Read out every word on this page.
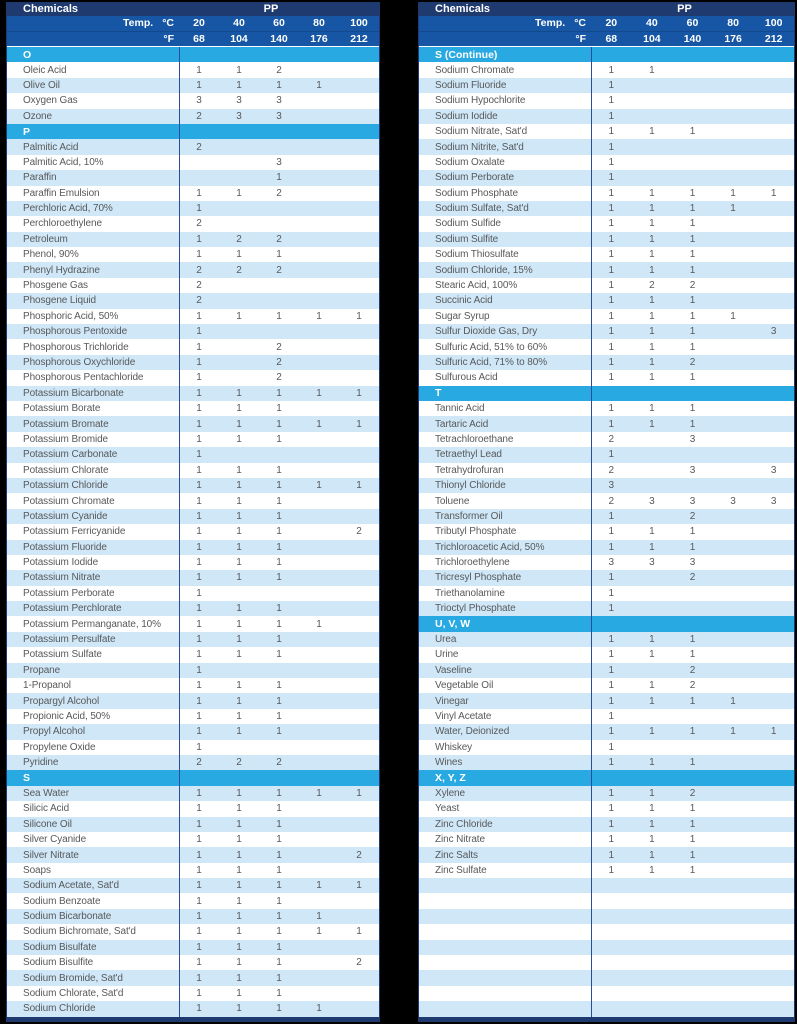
Chemicals	PP
Temp. °C	20	40	60	80	100
°F	68	104	140	176	212
O
Oleic Acid	1	1	2
Olive Oil	1	1	1	1
Oxygen Gas	3	3	3
Ozone	2	3	3
P
Palmitic Acid	2
Palmitic Acid, 10%	3
Paraffin	1
Paraffin Emulsion	1	1	2
Perchloric Acid, 70%	1
Perchloroethylene	2
Petroleum	1	2	2
Phenol, 90%	1	1	1
Phenyl Hydrazine	2	2	2
Phosgene Gas	2
Phosgene Liquid	2
Phosphoric Acid, 50%	1	1	1	1	1
Phosphorous Pentoxide	1
Phosphorous Trichloride	1	2
Phosphorous Oxychloride	1	2
Phosphorous Pentachloride	1	2
Potassium Bicarbonate	1	1	1	1	1
Potassium Borate	1	1	1
Potassium Bromate	1	1	1	1	1
Potassium Bromide	1	1	1
Potassium Carbonate	1
Potassium Chlorate	1	1	1
Potassium Chloride	1	1	1	1	1
Potassium Chromate	1	1	1
Potassium Cyanide	1	1	1
Potassium Ferricyanide	1	1	1	2
Potassium Fluoride	1	1	1
Potassium Iodide	1	1	1
Potassium Nitrate	1	1	1
Potassium Perborate	1
Potassium Perchlorate	1	1	1
Potassium Permanganate, 10%	1	1	1	1
Potassium Persulfate	1	1	1
Potassium Sulfate	1	1	1
Propane	1
1-Propanol	1	1	1
Propargyl Alcohol	1	1	1
Propionic Acid, 50%	1	1	1
Propyl Alcohol	1	1	1
Propylene Oxide	1
Pyridine	2	2	2
S
Sea Water	1	1	1	1	1
Silicic Acid	1	1	1
Silicone Oil	1	1	1
Silver Cyanide	1	1	1
Silver Nitrate	1	1	1	2
Soaps	1	1	1
Sodium Acetate, Sat'd	1	1	1	1	1
Sodium Benzoate	1	1	1
Sodium Bicarbonate	1	1	1	1
Sodium Bichromate, Sat'd	1	1	1	1	1
Sodium Bisulfate	1	1	1
Sodium Bisulfite	1	1	1	2
Sodium Bromide, Sat'd	1	1	1
Sodium Chlorate, Sat'd	1	1	1
Sodium Chloride	1	1	1	1
Chemicals	PP
Temp. °C	20	40	60	80	100
°F	68	104	140	176	212
S (Continue)
Sodium Chromate	1	1
Sodium Fluoride	1
Sodium Hypochlorite	1
Sodium Iodide	1
Sodium Nitrate, Sat'd	1	1	1
Sodium Nitrite, Sat'd	1
Sodium Oxalate	1
Sodium Perborate	1
Sodium Phosphate	1	1	1	1	1
Sodium Sulfate, Sat'd	1	1	1	1
Sodium Sulfide	1	1	1
Sodium Sulfite	1	1	1
Sodium Thiosulfate	1	1	1
Sodium Chloride, 15%	1	1	1
Stearic Acid, 100%	1	2	2
Succinic Acid	1	1	1
Sugar Syrup	1	1	1	1
Sulfur Dioxide Gas, Dry	1	1	1	3
Sulfuric Acid, 51% to 60%	1	1	1
Sulfuric Acid, 71% to 80%	1	1	2
Sulfurous Acid	1	1	1
T
Tannic Acid	1	1	1
Tartaric Acid	1	1	1
Tetrachloroethane	2	3
Tetraethyl Lead	1
Tetrahydrofuran	2	3	3
Thionyl Chloride	3
Toluene	2	3	3	3	3
Transformer Oil	1	2
Tributyl Phosphate	1	1	1
Trichloroacetic Acid, 50%	1	1	1
Trichloroethylene	3	3	3
Tricresyl Phosphate	1	2
Triethanolamine	1
Trioctyl Phosphate	1
U, V, W
Urea	1	1	1
Urine	1	1	1
Vaseline	1	2
Vegetable Oil	1	1	2
Vinegar	1	1	1	1
Vinyl Acetate	1
Water, Deionized	1	1	1	1	1
Whiskey	1
Wines	1	1	1
X, Y, Z
Xylene	1	1	2
Yeast	1	1	1
Zinc Chloride	1	1	1
Zinc Nitrate	1	1	1
Zinc Salts	1	1	1
Zinc Sulfate	1	1	1
